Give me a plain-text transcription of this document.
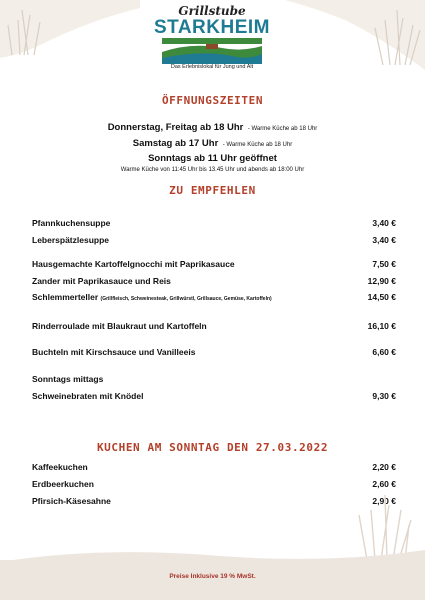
Grillstube
STARKHEIM
Das Erlebnislokal für Jung und Alt
ÖFFNUNGSZEITEN
Donnerstag, Freitag ab 18 Uhr - Warme Küche ab 18 Uhr
Samstag ab 17 Uhr - Warme Küche ab 18 Uhr
Sonntags ab 11 Uhr geöffnet
Warme Küche von 11:45 Uhr bis 13.45 Uhr und abends ab 18:00 Uhr
ZU EMPFEHLEN
Pfannkuchensuppe	3,40 €
Leberspätzlesuppe	3,40 €
Hausgemachte Kartoffelgnocchi mit Paprikasauce	7,50 €
Zander mit Paprikasauce und Reis	12,90 €
Schlemmerteller (Grillfleisch, Schweinesteak, Grillwürstl, Grillsauce, Gemüse, Kartoffeln)	14,50 €
Rinderroulade mit Blaukraut und Kartoffeln	16,10 €
Buchteln mit Kirschsauce und Vanilleeis	6,60 €
Sonntags mittags
Schweinebraten mit Knödel	9,30 €
KUCHEN AM SONNTAG DEN 27.03.2022
Kaffeekuchen	2,20 €
Erdbeerkuchen	2,60 €
Pfirsich-Käsesahne	2,90 €
Preise Inklusive 19 % MwSt.
